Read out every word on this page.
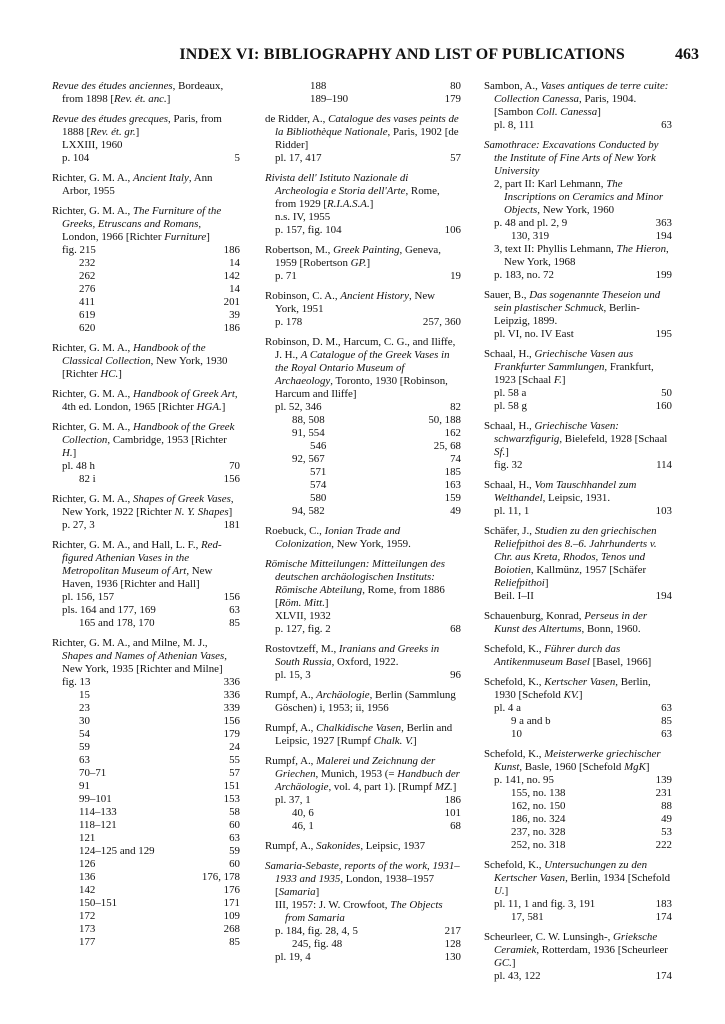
INDEX VI: BIBLIOGRAPHY AND LIST OF PUBLICATIONS	463
Revue des études anciennes, Bordeaux, from 1898 [Rev. ét. anc.]
Revue des études grecques, Paris, from 1888 [Rev. ét. gr.]
LXXIII, 1960
p. 104	5
Richter, G. M. A., Ancient Italy, Ann Arbor, 1955
Richter, G. M. A., The Furniture of the Greeks, Etruscans and Romans, London, 1966 [Richter Furniture]
fig. 215	186
232	14
262	142
276	14
411	201
619	39
620	186
Richter, G. M. A., Handbook of the Classical Collection, New York, 1930 [Richter HC.]
Richter, G. M. A., Handbook of Greek Art, 4th ed. London, 1965 [Richter HGA.]
Richter, G. M. A., Handbook of the Greek Collection, Cambridge, 1953 [Richter H.]
pl. 48 h	70
82 i	156
Richter, G. M. A., Shapes of Greek Vases, New York, 1922 [Richter N. Y. Shapes]
p. 27, 3	181
Richter, G. M. A., and Hall, L. F., Red-figured Athenian Vases in the Metropolitan Museum of Art, New Haven, 1936 [Richter and Hall]
pl. 156, 157	156
pls. 164 and 177, 169	63
165 and 178, 170	85
Richter, G. M. A., and Milne, M. J., Shapes and Names of Athenian Vases, New York, 1935 [Richter and Milne]
fig. 13	336
15	336
23	339
30	156
54	179
59	24
63	55
70–71	57
91	151
99–101	153
114–133	58
118–121	60
121	63
124–125 and 129	59
126	60
136	176, 178
142	176
150–151	171
172	109
173	268
177	85
188	80
189–190	179
de Ridder, A., Catalogue des vases peints de la Bibliothèque Nationale, Paris, 1902 [de Ridder]
pl. 17, 417	57
Rivista dell' Istituto Nazionale di Archeologia e Storia dell'Arte, Rome, from 1929 [R.I.A.S.A.]
n.s. IV, 1955
p. 157, fig. 104	106
Robertson, M., Greek Painting, Geneva, 1959 [Robertson GP.]
p. 71	19
Robinson, C. A., Ancient History, New York, 1951
p. 178	257, 360
Robinson, D. M., Harcum, C. G., and Iliffe, J. H., A Catalogue of the Greek Vases in the Royal Ontario Museum of Archaeology, Toronto, 1930 [Robinson, Harcum and Iliffe]
pl. 52, 346	82
88, 508	50, 188
91, 554	162
546	25, 68
92, 567	74
571	185
574	163
580	159
94, 582	49
Roebuck, C., Ionian Trade and Colonization, New York, 1959.
Römische Mitteilungen: Mitteilungen des deutschen archäologischen Instituts: Römische Abteilung, Rome, from 1886 [Röm. Mitt.]
XLVII, 1932
p. 127, fig. 2	68
Rostovtzeff, M., Iranians and Greeks in South Russia, Oxford, 1922.
pl. 15, 3	96
Rumpf, A., Archäologie, Berlin (Sammlung Göschen) i, 1953; ii, 1956
Rumpf, A., Chalkidische Vasen, Berlin and Leipsic, 1927 [Rumpf Chalk. V.]
Rumpf, A., Malerei und Zeichnung der Griechen, Munich, 1953 (= Handbuch der Archäologie, vol. 4, part 1). [Rumpf MZ.]
pl. 37, 1	186
40, 6	101
46, 1	68
Rumpf, A., Sakonides, Leipsic, 1937
Samaria-Sebaste, reports of the work, 1931–1933 and 1935, London, 1938–1957 [Samaria]
III, 1957: J. W. Crowfoot, The Objects from Samaria
p. 184, fig. 28, 4, 5	217
245, fig. 48	128
pl. 19, 4	130
Sambon, A., Vases antiques de terre cuite: Collection Canessa, Paris, 1904. [Sambon Coll. Canessa]
pl. 8, 111	63
Samothrace: Excavations Conducted by the Institute of Fine Arts of New York University
2, part II: Karl Lehmann, The Inscriptions on Ceramics and Minor Objects, New York, 1960
p. 48 and pl. 2, 9	363
130, 319	194
3, text II: Phyllis Lehmann, The Hieron, New York, 1968
p. 183, no. 72	199
Sauer, B., Das sogenannte Theseion und sein plastischer Schmuck, Berlin-Leipzig, 1899.
pl. VI, no. IV East	195
Schaal, H., Griechische Vasen aus Frankfurter Sammlungen, Frankfurt, 1923 [Schaal F.]
pl. 58 a	50
pl. 58 g	160
Schaal, H., Griechische Vasen: schwarzfigurig, Bielefeld, 1928 [Schaal Sf.]
fig. 32	114
Schaal, H., Vom Tauschhandel zum Welthandel, Leipsic, 1931.
pl. 11, 1	103
Schäfer, J., Studien zu den griechischen Reliefpithoi des 8.–6. Jahrhunderts v. Chr. aus Kreta, Rhodos, Tenos und Boiotien, Kallmünz, 1957 [Schäfer Reliefpithoi]
Beil. I–II	194
Schauenburg, Konrad, Perseus in der Kunst des Altertums, Bonn, 1960.
Schefold, K., Führer durch das Antikenmuseum Basel [Basel, 1966]
Schefold, K., Kertscher Vasen, Berlin, 1930 [Schefold KV.]
pl. 4 a	63
9 a and b	85
10	63
Schefold, K., Meisterwerke griechischer Kunst, Basle, 1960 [Schefold MgK]
p. 141, no. 95	139
155, no. 138	231
162, no. 150	88
186, no. 324	49
237, no. 328	53
252, no. 318	222
Schefold, K., Untersuchungen zu den Kertscher Vasen, Berlin, 1934 [Schefold U.]
pl. 11, 1 and fig. 3, 191	183
17, 581	174
Scheurleer, C. W. Lunsingh-, Grieksche Ceramiek, Rotterdam, 1936 [Scheurleer GC.]
pl. 43, 122	174
